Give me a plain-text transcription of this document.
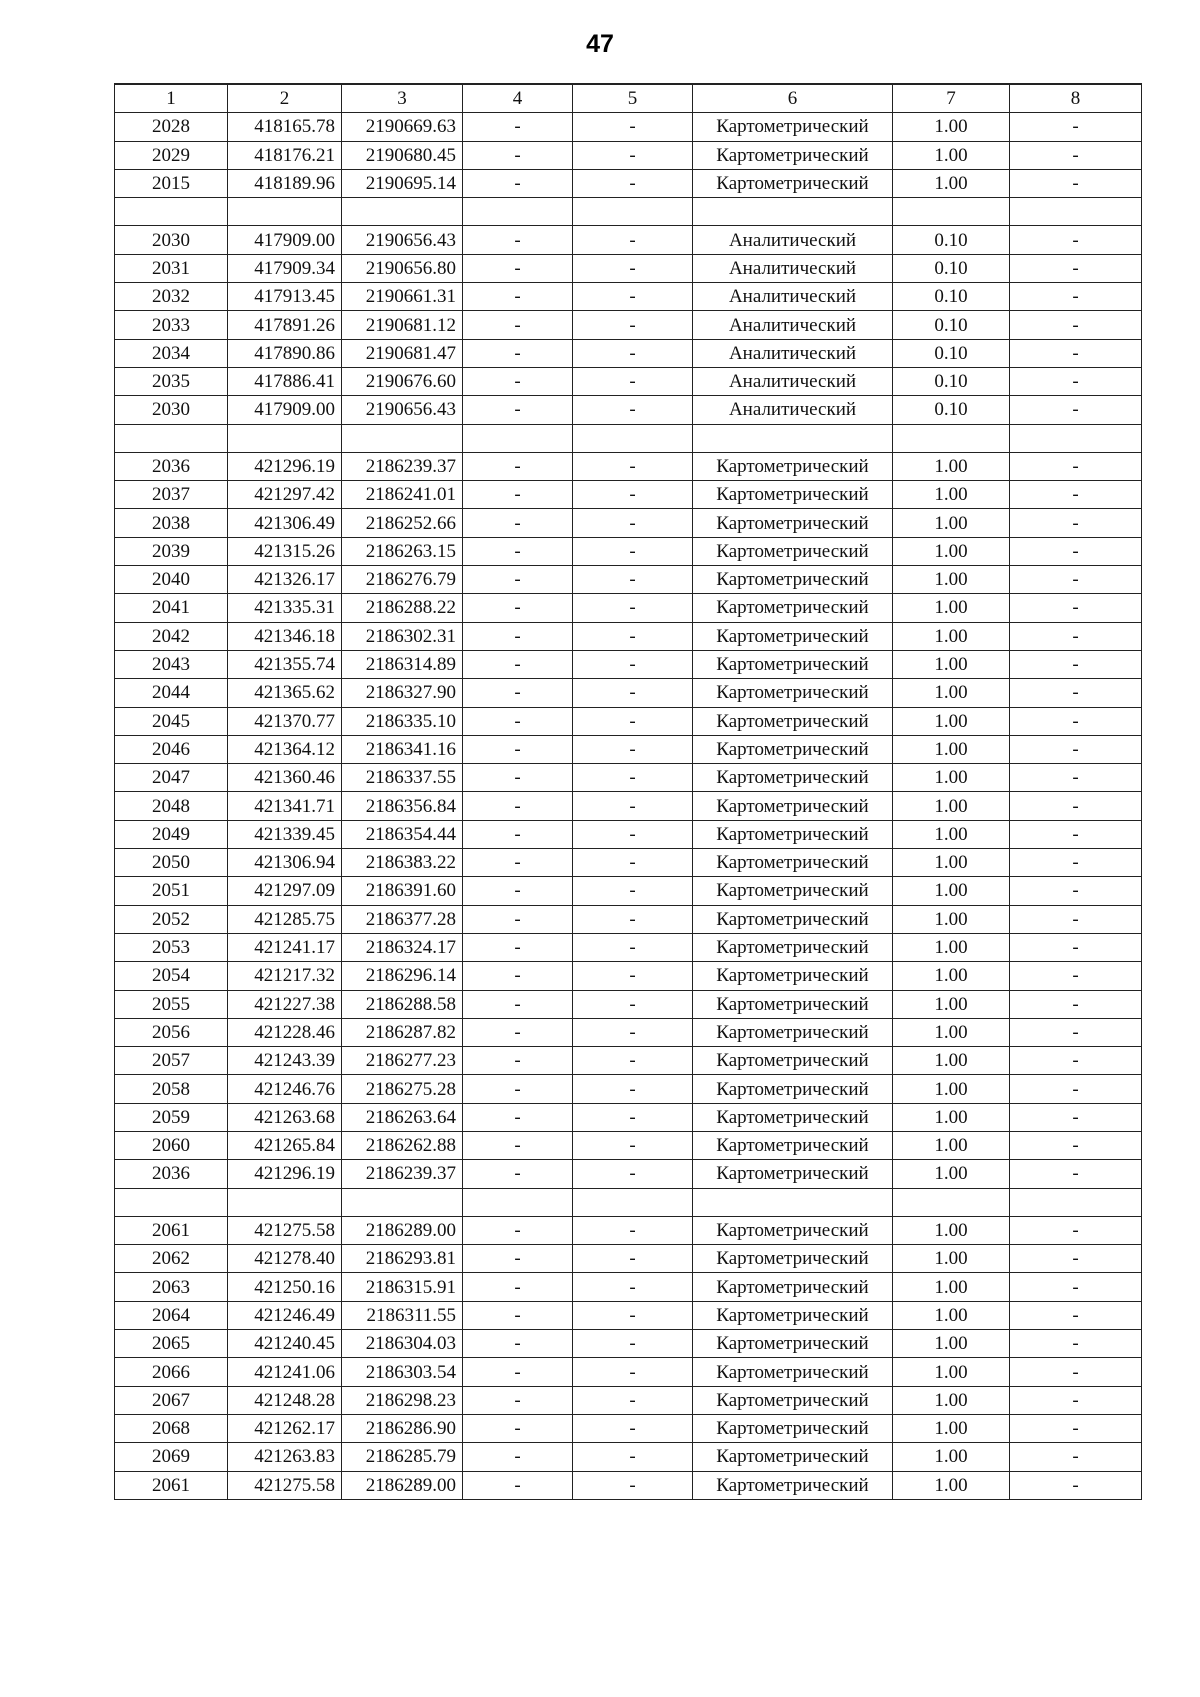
47
1	2	3	4	5	6	7	8
2028	418165.78	2190669.63	-	-	Картометрический	1.00	-
2029	418176.21	2190680.45	-	-	Картометрический	1.00	-
2015	418189.96	2190695.14	-	-	Картометрический	1.00	-

2030	417909.00	2190656.43	-	-	Аналитический	0.10	-
2031	417909.34	2190656.80	-	-	Аналитический	0.10	-
2032	417913.45	2190661.31	-	-	Аналитический	0.10	-
2033	417891.26	2190681.12	-	-	Аналитический	0.10	-
2034	417890.86	2190681.47	-	-	Аналитический	0.10	-
2035	417886.41	2190676.60	-	-	Аналитический	0.10	-
2030	417909.00	2190656.43	-	-	Аналитический	0.10	-

2036	421296.19	2186239.37	-	-	Картометрический	1.00	-
2037	421297.42	2186241.01	-	-	Картометрический	1.00	-
2038	421306.49	2186252.66	-	-	Картометрический	1.00	-
2039	421315.26	2186263.15	-	-	Картометрический	1.00	-
2040	421326.17	2186276.79	-	-	Картометрический	1.00	-
2041	421335.31	2186288.22	-	-	Картометрический	1.00	-
2042	421346.18	2186302.31	-	-	Картометрический	1.00	-
2043	421355.74	2186314.89	-	-	Картометрический	1.00	-
2044	421365.62	2186327.90	-	-	Картометрический	1.00	-
2045	421370.77	2186335.10	-	-	Картометрический	1.00	-
2046	421364.12	2186341.16	-	-	Картометрический	1.00	-
2047	421360.46	2186337.55	-	-	Картометрический	1.00	-
2048	421341.71	2186356.84	-	-	Картометрический	1.00	-
2049	421339.45	2186354.44	-	-	Картометрический	1.00	-
2050	421306.94	2186383.22	-	-	Картометрический	1.00	-
2051	421297.09	2186391.60	-	-	Картометрический	1.00	-
2052	421285.75	2186377.28	-	-	Картометрический	1.00	-
2053	421241.17	2186324.17	-	-	Картометрический	1.00	-
2054	421217.32	2186296.14	-	-	Картометрический	1.00	-
2055	421227.38	2186288.58	-	-	Картометрический	1.00	-
2056	421228.46	2186287.82	-	-	Картометрический	1.00	-
2057	421243.39	2186277.23	-	-	Картометрический	1.00	-
2058	421246.76	2186275.28	-	-	Картометрический	1.00	-
2059	421263.68	2186263.64	-	-	Картометрический	1.00	-
2060	421265.84	2186262.88	-	-	Картометрический	1.00	-
2036	421296.19	2186239.37	-	-	Картометрический	1.00	-

2061	421275.58	2186289.00	-	-	Картометрический	1.00	-
2062	421278.40	2186293.81	-	-	Картометрический	1.00	-
2063	421250.16	2186315.91	-	-	Картометрический	1.00	-
2064	421246.49	2186311.55	-	-	Картометрический	1.00	-
2065	421240.45	2186304.03	-	-	Картометрический	1.00	-
2066	421241.06	2186303.54	-	-	Картометрический	1.00	-
2067	421248.28	2186298.23	-	-	Картометрический	1.00	-
2068	421262.17	2186286.90	-	-	Картометрический	1.00	-
2069	421263.83	2186285.79	-	-	Картометрический	1.00	-
2061	421275.58	2186289.00	-	-	Картометрический	1.00	-
